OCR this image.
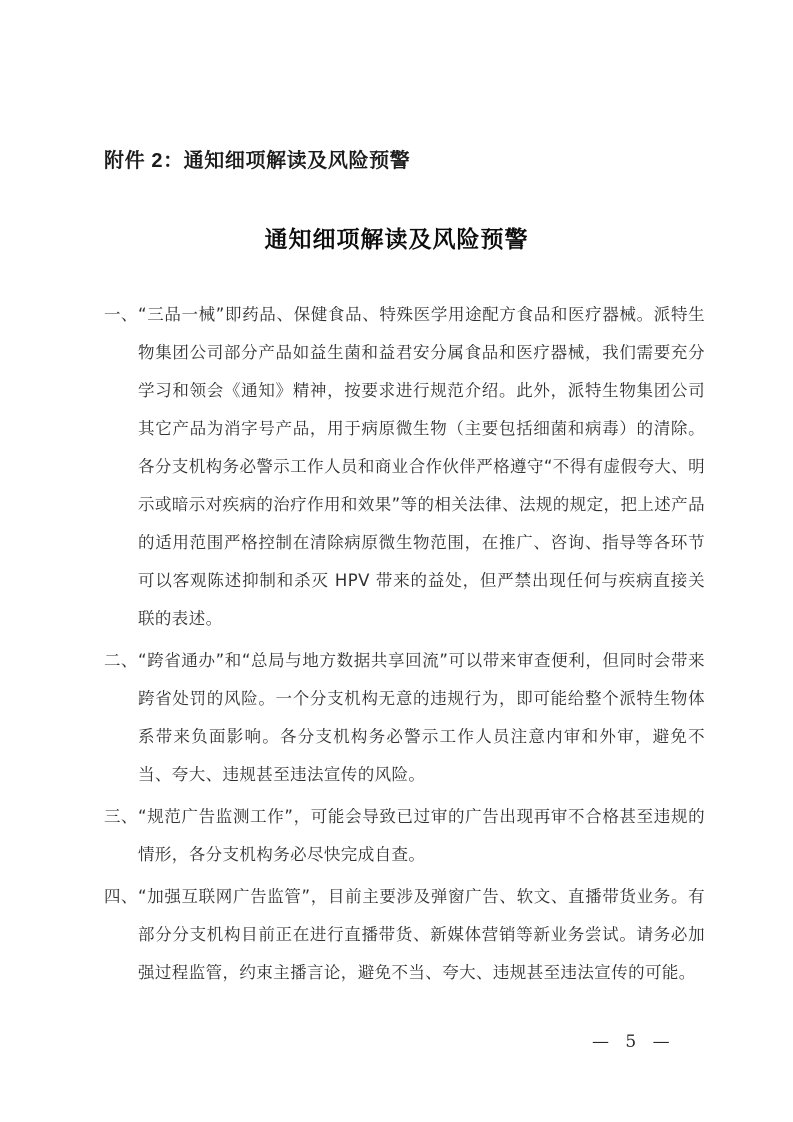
附件 2：通知细项解读及风险预警
通知细项解读及风险预警

一、“三品一械”即药品、保健食品、特殊医学用途配方食品和医疗器械。派特生物集团公司部分产品如益生菌和益君安分属食品和医疗器械，我们需要充分学习和领会《通知》精神，按要求进行规范介绍。此外，派特生物集团公司其它产品为消字号产品，用于病原微生物（主要包括细菌和病毒）的清除。各分支机构务必警示工作人员和商业合作伙伴严格遵守“不得有虚假夸大、明示或暗示对疾病的治疗作用和效果”等的相关法律、法规的规定，把上述产品的适用范围严格控制在清除病原微生物范围，在推广、咨询、指导等各环节可以客观陈述抑制和杀灭 HPV 带来的益处，但严禁出现任何与疾病直接关联的表述。

二、“跨省通办”和“总局与地方数据共享回流”可以带来审查便利，但同时会带来跨省处罚的风险。一个分支机构无意的违规行为，即可能给整个派特生物体系带来负面影响。各分支机构务必警示工作人员注意内审和外审，避免不当、夸大、违规甚至违法宣传的风险。

三、“规范广告监测工作”，可能会导致已过审的广告出现再审不合格甚至违规的情形，各分支机构务必尽快完成自查。

四、“加强互联网广告监管”，目前主要涉及弹窗广告、软文、直播带货业务。有部分分支机构目前正在进行直播带货、新媒体营销等新业务尝试。请务必加强过程监管，约束主播言论，避免不当、夸大、违规甚至违法宣传的可能。

— 5 —
